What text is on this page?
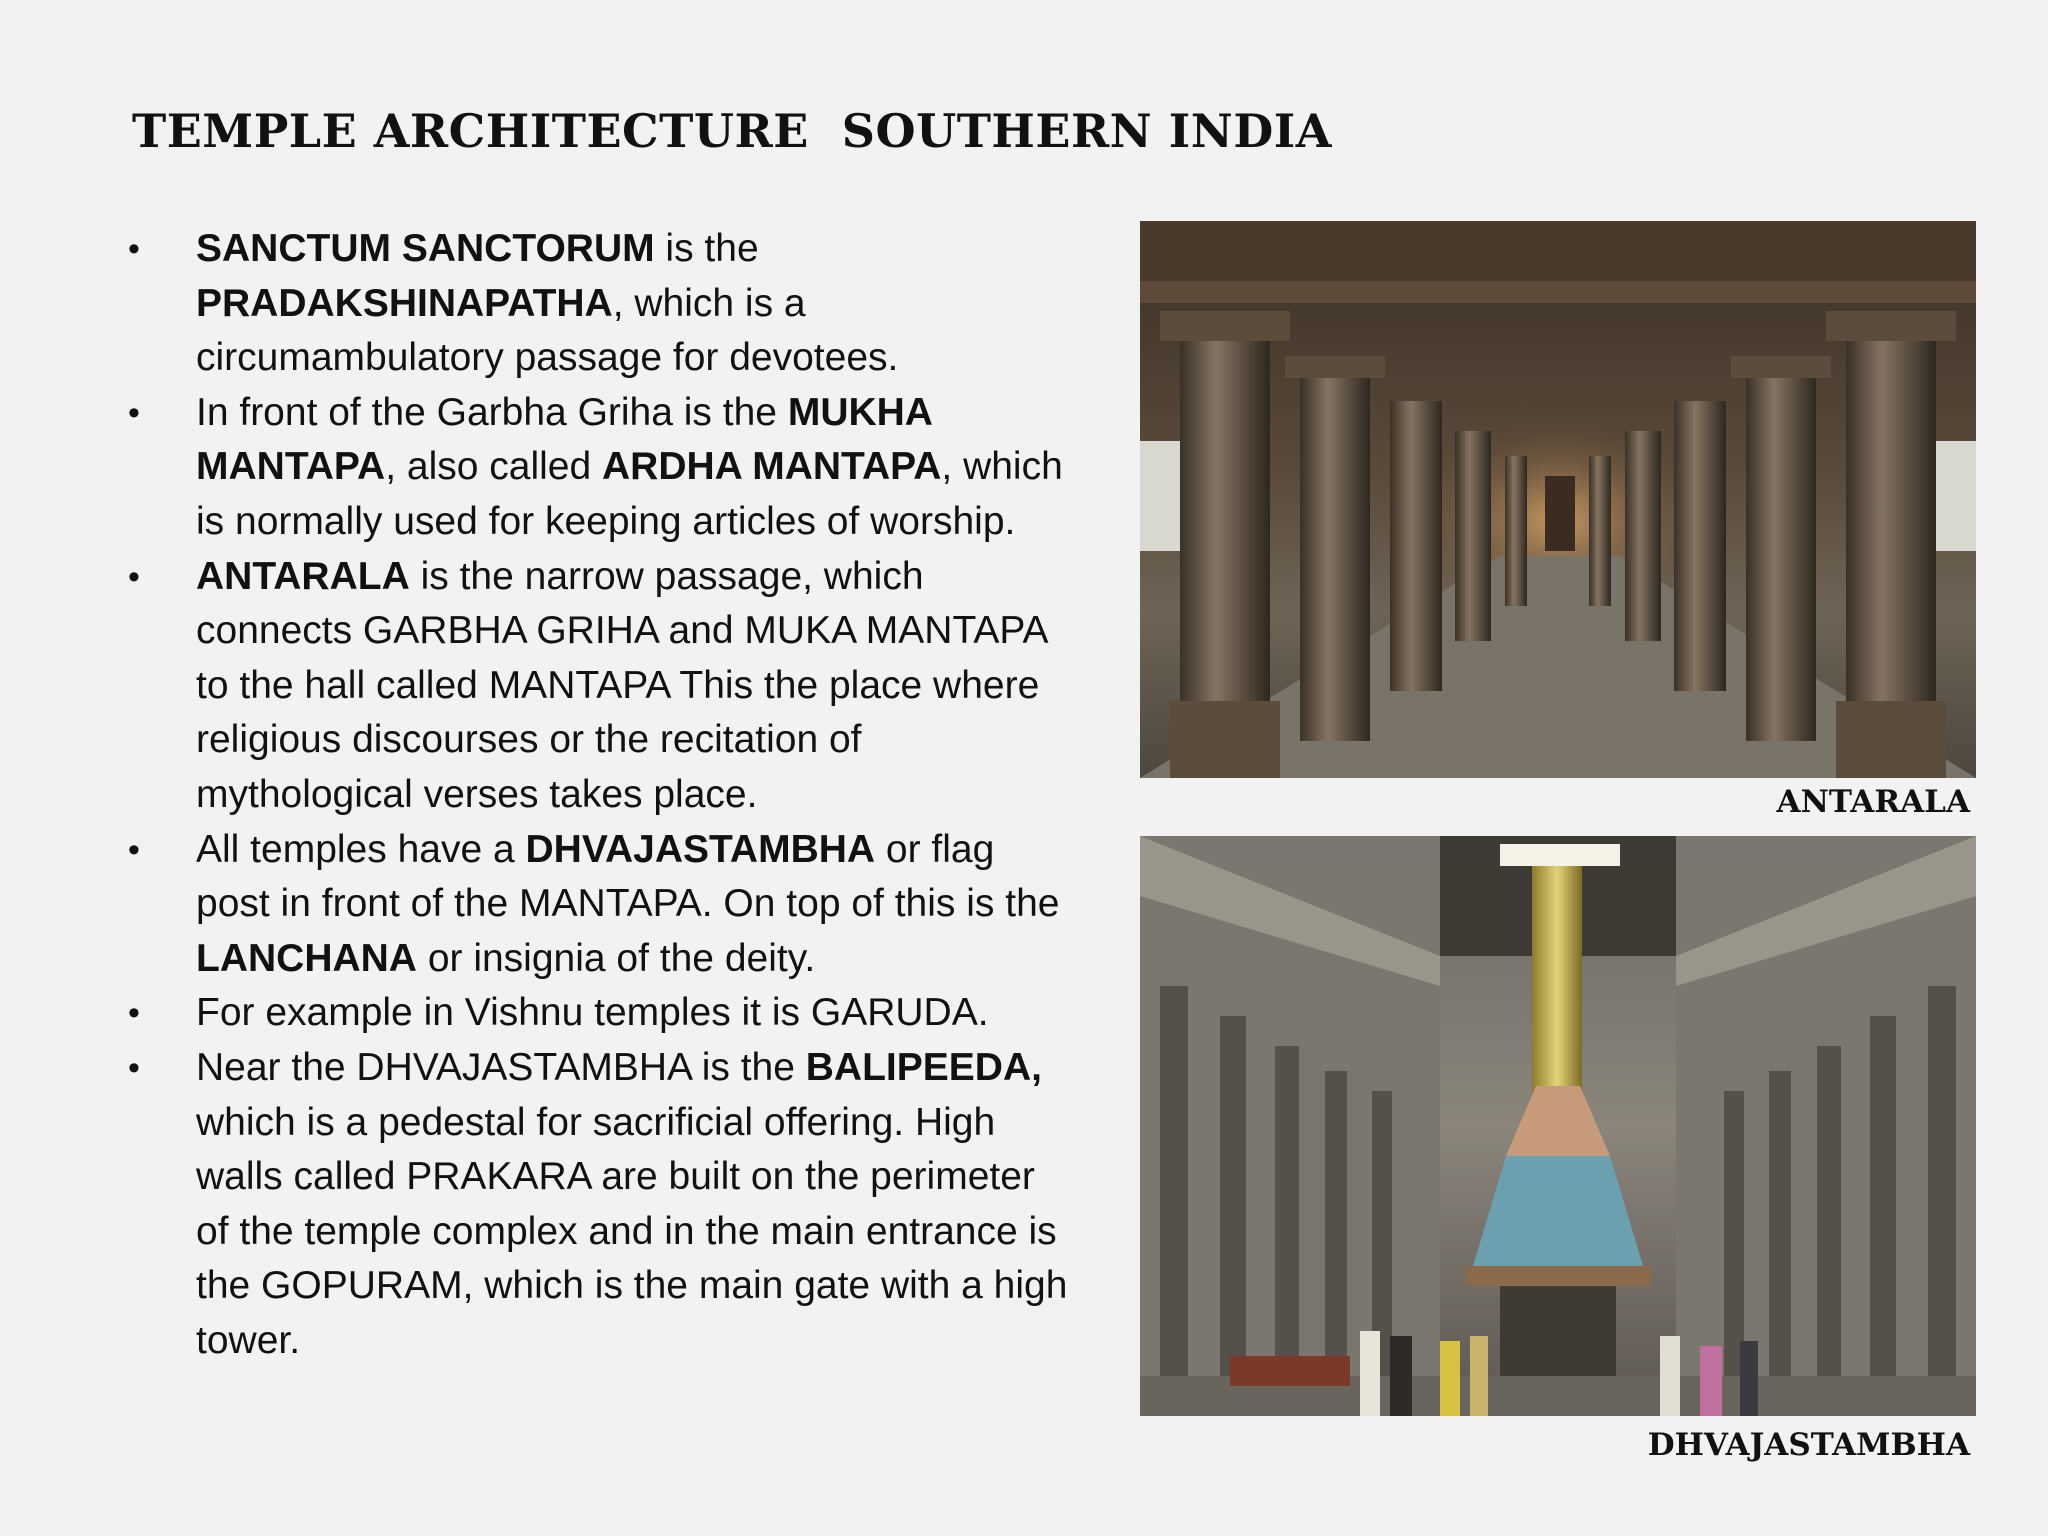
TEMPLE ARCHITECTURE  SOUTHERN INDIA
• SANCTUM SANCTORUM is the PRADAKSHINAPATHA, which is a circumambulatory passage for devotees.
• In front of the Garbha Griha is the MUKHA MANTAPA, also called ARDHA MANTAPA, which is normally used for keeping articles of worship.
• ANTARALA is the narrow passage, which connects GARBHA GRIHA and MUKA MANTAPA to the hall called MANTAPA This the place where religious discourses or the recitation of mythological verses takes place.
• All temples have a DHVAJASTAMBHA or flag post in front of the MANTAPA. On top of this is the LANCHANA or insignia of the deity.
• For example in Vishnu temples it is GARUDA.
• Near the DHVAJASTAMBHA is the BALIPEEDA, which is a pedestal for sacrificial offering. High walls called PRAKARA are built on the perimeter of the temple complex and in the main entrance is the GOPURAM, which is the main gate with a high tower.
ANTARALA
DHVAJASTAMBHA
